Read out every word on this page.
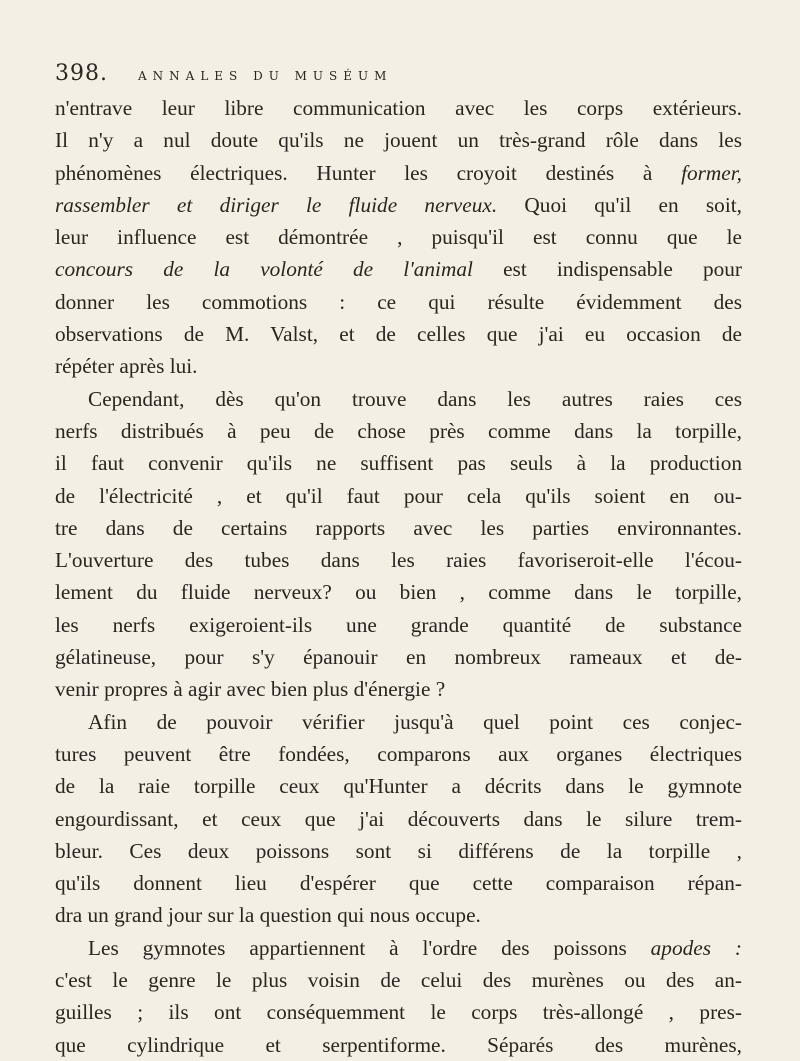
398.	ANNALES DU MUSÉUM
n'entrave leur libre communication avec les corps extérieurs.
Il n'y a nul doute qu'ils ne jouent un très-grand rôle dans les
phénomènes électriques. Hunter les croyoit destinés à former,
rassembler et diriger le fluide nerveux. Quoi qu'il en soit,
leur influence est démontrée , puisqu'il est connu que le
concours de la volonté de l'animal est indispensable pour
donner les commotions : ce qui résulte évidemment des
observations de M. Valst, et de celles que j'ai eu occasion de
répéter après lui.
Cependant, dès qu'on trouve dans les autres raies ces
nerfs distribués à peu de chose près comme dans la torpille,
il faut convenir qu'ils ne suffisent pas seuls à la production
de l'électricité , et qu'il faut pour cela qu'ils soient en ou-
tre dans de certains rapports avec les parties environnantes.
L'ouverture des tubes dans les raies favoriseroit-elle l'écou-
lement du fluide nerveux? ou bien , comme dans le torpille,
les nerfs exigeroient-ils une grande quantité de substance
gélatineuse, pour s'y épanouir en nombreux rameaux et de-
venir propres à agir avec bien plus d'énergie ?
Afin de pouvoir vérifier jusqu'à quel point ces conjec-
tures peuvent être fondées, comparons aux organes électriques
de la raie torpille ceux qu'Hunter a décrits dans le gymnote
engourdissant, et ceux que j'ai découverts dans le silure trem-
bleur. Ces deux poissons sont si différens de la torpille ,
qu'ils donnent lieu d'espérer que cette comparaison répan-
dra un grand jour sur la question qui nous occupe.
Les gymnotes appartiennent à l'ordre des poissons apodes :
c'est le genre le plus voisin de celui des murènes ou des an-
guilles ; ils ont conséquemment le corps très-allongé , pres-
que cylindrique et serpentiforme. Séparés des murènes,
